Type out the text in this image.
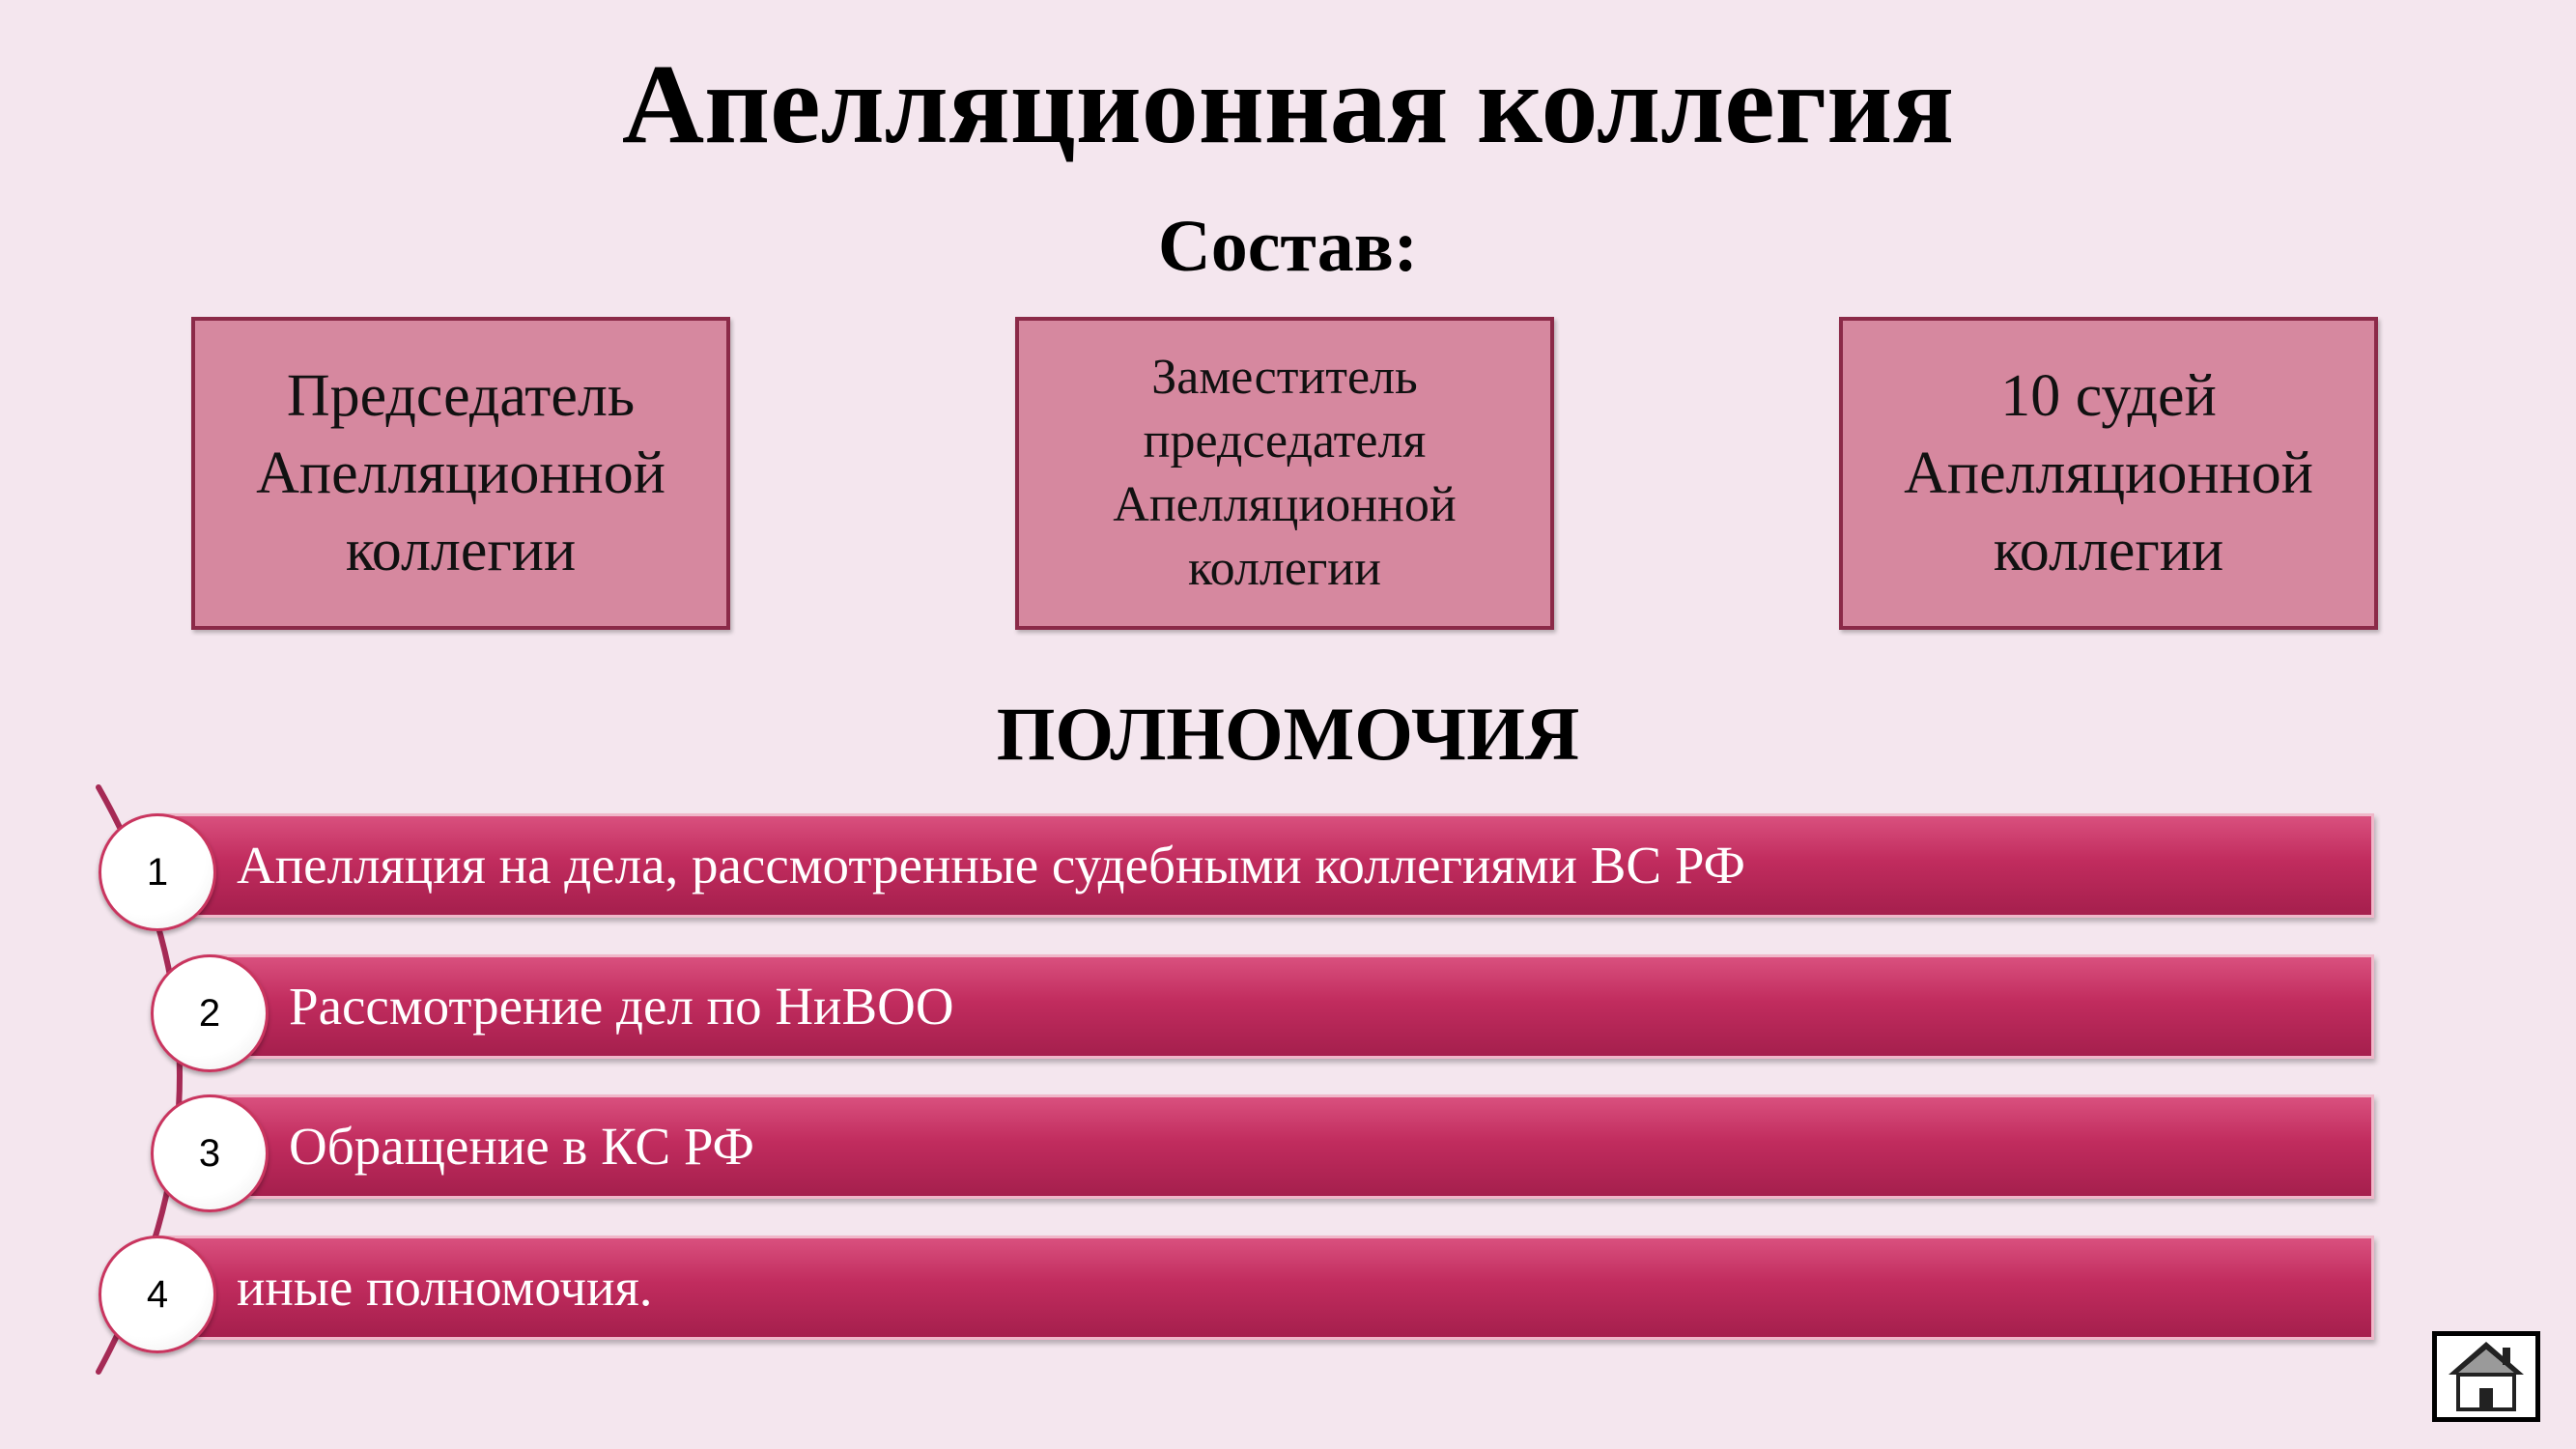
Апелляционная коллегия
Состав:
Председатель
Апелляционной
коллегии
Заместитель
председателя
Апелляционной
коллегии
10 судей
Апелляционной
коллегии
ПОЛНОМОЧИЯ
Апелляция на дела, рассмотренные судебными коллегиями ВС РФ
1
Рассмотрение дел по НиВОО
2
Обращение в КС РФ
3
иные полномочия.
4
